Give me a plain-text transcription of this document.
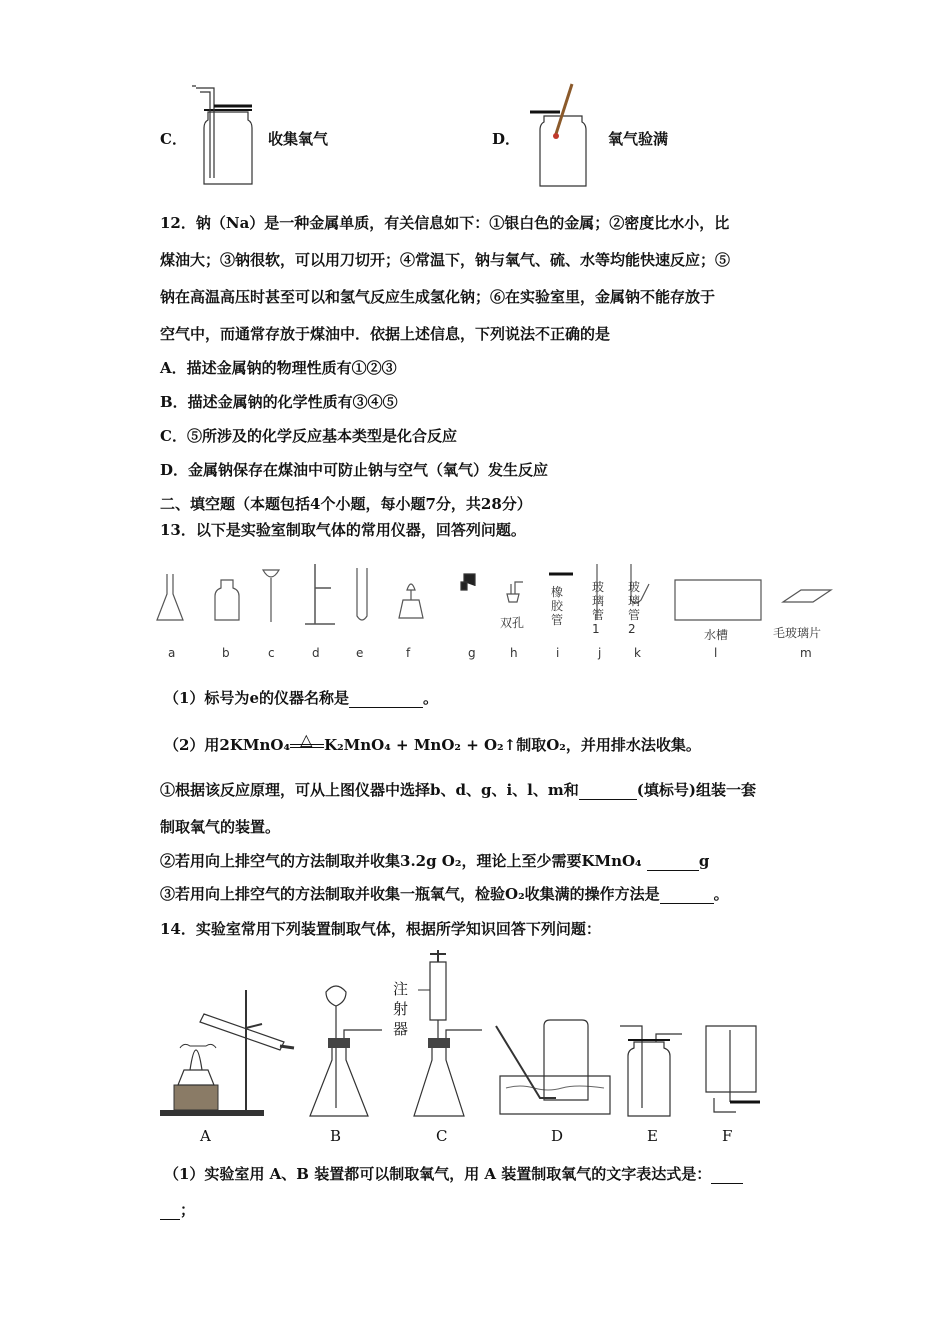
C．	收集氧气	D．	氧气验满
12．钠（Na）是一种金属单质，有关信息如下：①银白色的金属；②密度比水小，比
煤油大；③钠很软，可以用刀切开；④常温下，钠与氧气、硫、水等均能快速反应；⑤
钠在高温高压时甚至可以和氢气反应生成氢化钠；⑥在实验室里，金属钠不能存放于
空气中，而通常存放于煤油中．依据上述信息，下列说法不正确的是
A．描述金属钠的物理性质有①②③
B．描述金属钠的化学性质有③④⑤
C．⑤所涉及的化学反应基本类型是化合反应
D．金属钠保存在煤油中可防止钠与空气（氧气）发生反应
二、填空题（本题包括4个小题，每小题7分，共28分）
13．以下是实验室制取气体的常用仪器，回答列问题。
双孔
橡胶管
玻璃管1
玻璃管2	水槽	毛玻璃片
a	b	c	d	e	f	g	h	i	j	k	l	m
（1）标号为e的仪器名称是	。
（2）用2KMnO₄ △ K₂MnO₄ + MnO₂ + O₂↑制取O₂，并用排水法收集。
①根据该反应原理，可从上图仪器中选择b、d、g、i、l、m和	(填标号)组装一套
制取氧气的装置。
②若用向上排空气的方法制取并收集3.2g O₂，理论上至少需要KMnO₄	g
③若用向上排空气的方法制取并收集一瓶氧气，检验O₂收集满的操作方法是	。
14．实验室常用下列装置制取气体，根据所学知识回答下列问题：
注
射
器
A	B	C	D	E	F
（1）实验室用 A、B 装置都可以制取氧气，用 A 装置制取氧气的文字表达式是：
；
